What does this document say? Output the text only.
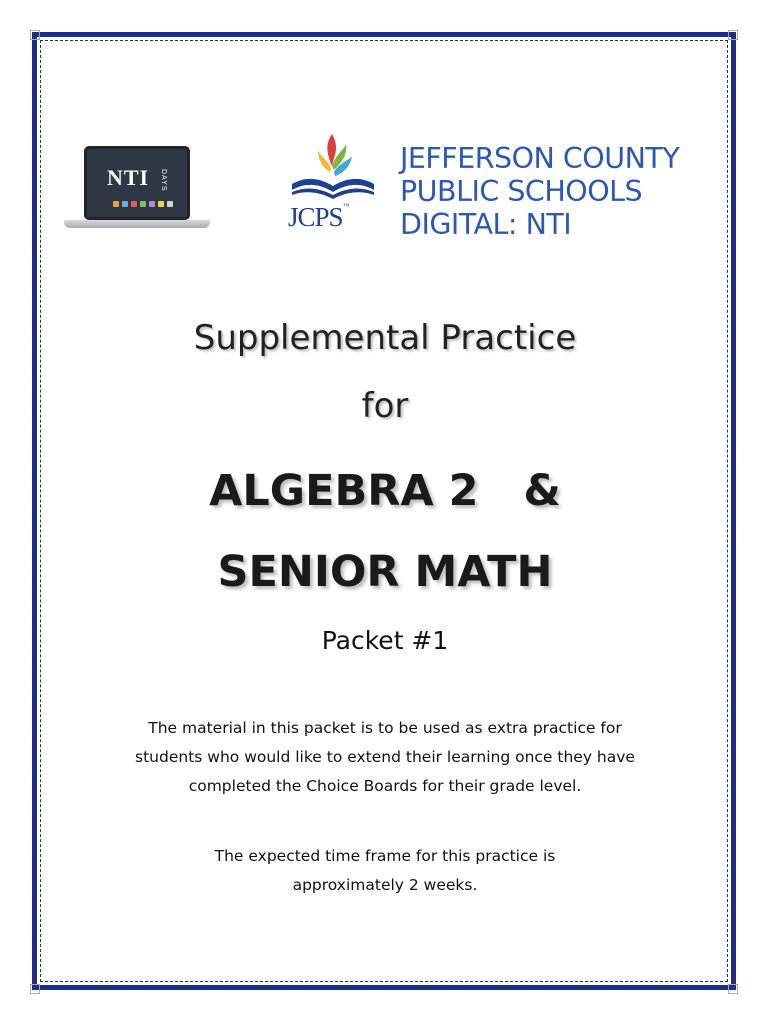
NTI DAYS
JCPS™
JEFFERSON COUNTY
PUBLIC SCHOOLS
DIGITAL: NTI
Supplemental Practice
for
ALGEBRA 2   &
SENIOR MATH
Packet #1
The material in this packet is to be used as extra practice for
students who would like to extend their learning once they have
completed the Choice Boards for their grade level.
The expected time frame for this practice is
approximately 2 weeks.
